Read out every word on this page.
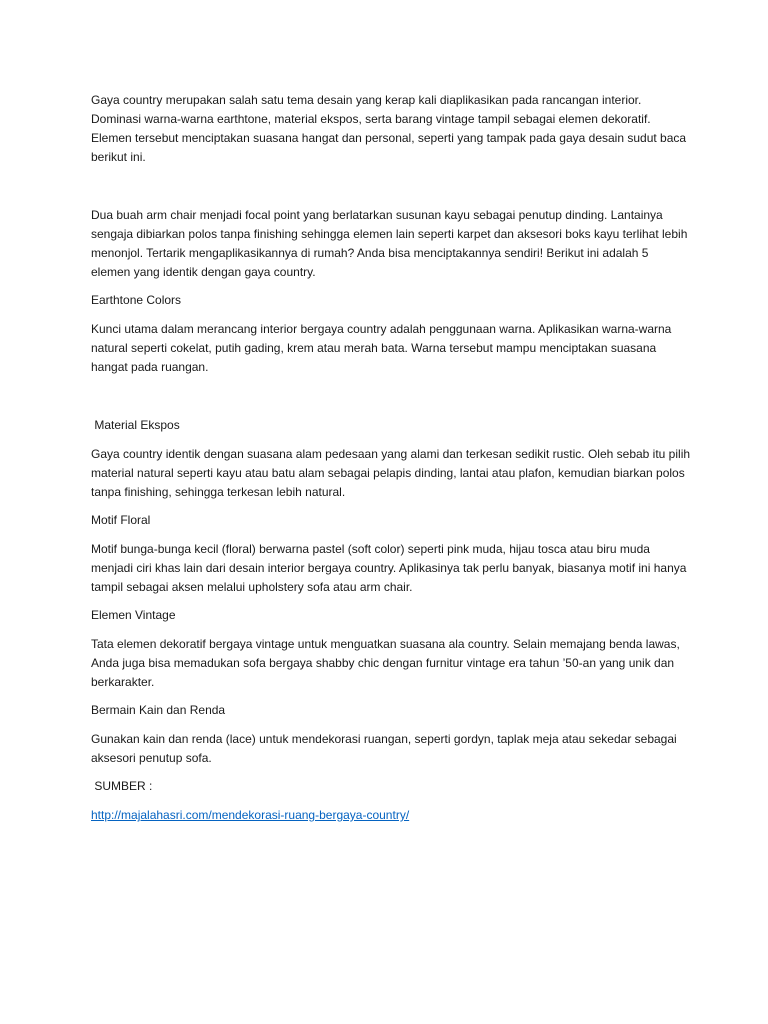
Gaya country merupakan salah satu tema desain yang kerap kali diaplikasikan pada rancangan interior. Dominasi warna-warna earthtone, material ekspos, serta barang vintage tampil sebagai elemen dekoratif. Elemen tersebut menciptakan suasana hangat dan personal, seperti yang tampak pada gaya desain sudut baca berikut ini.

Dua buah arm chair menjadi focal point yang berlatarkan susunan kayu sebagai penutup dinding. Lantainya sengaja dibiarkan polos tanpa finishing sehingga elemen lain seperti karpet dan aksesori boks kayu terlihat lebih menonjol. Tertarik mengaplikasikannya di rumah? Anda bisa menciptakannya sendiri! Berikut ini adalah 5 elemen yang identik dengan gaya country.

Earthtone Colors

Kunci utama dalam merancang interior bergaya country adalah penggunaan warna. Aplikasikan warna-warna natural seperti cokelat, putih gading, krem atau merah bata. Warna tersebut mampu menciptakan suasana hangat pada ruangan.

Material Ekspos

Gaya country identik dengan suasana alam pedesaan yang alami dan terkesan sedikit rustic. Oleh sebab itu pilih material natural seperti kayu atau batu alam sebagai pelapis dinding, lantai atau plafon, kemudian biarkan polos tanpa finishing, sehingga terkesan lebih natural.

Motif Floral

Motif bunga-bunga kecil (floral) berwarna pastel (soft color) seperti pink muda, hijau tosca atau biru muda menjadi ciri khas lain dari desain interior bergaya country. Aplikasinya tak perlu banyak, biasanya motif ini hanya tampil sebagai aksen melalui upholstery sofa atau arm chair.

Elemen Vintage

Tata elemen dekoratif bergaya vintage untuk menguatkan suasana ala country. Selain memajang benda lawas, Anda juga bisa memadukan sofa bergaya shabby chic dengan furnitur vintage era tahun ’50-an yang unik dan berkarakter.

Bermain Kain dan Renda

Gunakan kain dan renda (lace) untuk mendekorasi ruangan, seperti gordyn, taplak meja atau sekedar sebagai aksesori penutup sofa.

SUMBER :

http://majalahasri.com/mendekorasi-ruang-bergaya-country/
